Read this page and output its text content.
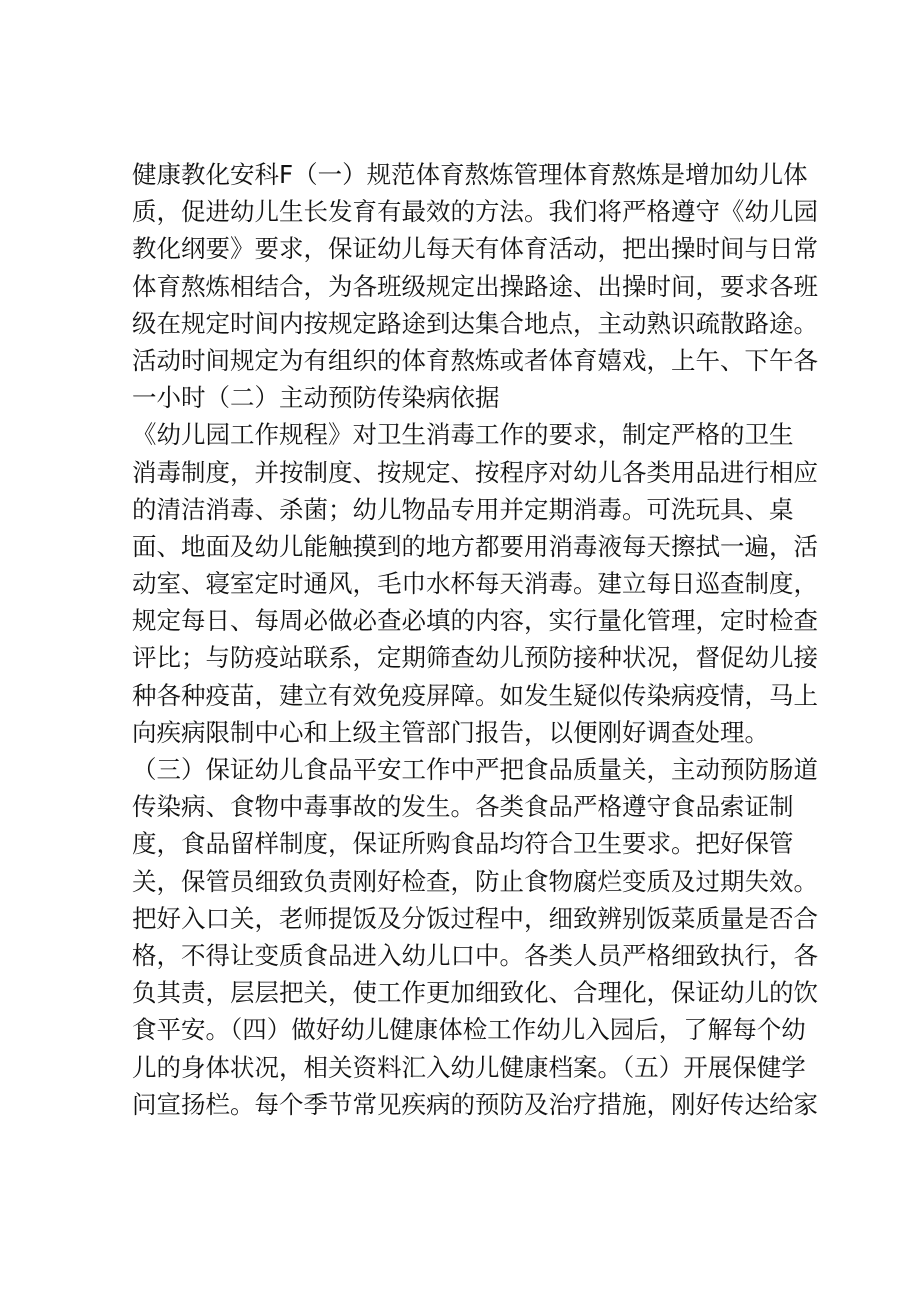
健康教化安科F（一）规范体育熬炼管理体育熬炼是增加幼儿体
质，促进幼儿生长发育有最效的方法。我们将严格遵守《幼儿园
教化纲要》要求，保证幼儿每天有体育活动，把出操时间与日常
体育熬炼相结合，为各班级规定出操路途、出操时间，要求各班
级在规定时间内按规定路途到达集合地点，主动熟识疏散路途。
活动时间规定为有组织的体育熬炼或者体育嬉戏，上午、下午各
一小时（二）主动预防传染病依据
《幼儿园工作规程》对卫生消毒工作的要求，制定严格的卫生
消毒制度，并按制度、按规定、按程序对幼儿各类用品进行相应
的清洁消毒、杀菌；幼儿物品专用并定期消毒。可洗玩具、桌
面、地面及幼儿能触摸到的地方都要用消毒液每天擦拭一遍，活
动室、寝室定时通风，毛巾水杯每天消毒。建立每日巡查制度，
规定每日、每周必做必查必填的内容，实行量化管理，定时检查
评比；与防疫站联系，定期筛查幼儿预防接种状况，督促幼儿接
种各种疫苗，建立有效免疫屏障。如发生疑似传染病疫情，马上
向疾病限制中心和上级主管部门报告，以便刚好调查处理。
（三）保证幼儿食品平安工作中严把食品质量关，主动预防肠道
传染病、食物中毒事故的发生。各类食品严格遵守食品索证制
度，食品留样制度，保证所购食品均符合卫生要求。把好保管
关，保管员细致负责刚好检查，防止食物腐烂变质及过期失效。
把好入口关，老师提饭及分饭过程中，细致辨别饭菜质量是否合
格，不得让变质食品进入幼儿口中。各类人员严格细致执行，各
负其责，层层把关，使工作更加细致化、合理化，保证幼儿的饮
食平安。（四）做好幼儿健康体检工作幼儿入园后，了解每个幼
儿的身体状况，相关资料汇入幼儿健康档案。（五）开展保健学
问宣扬栏。每个季节常见疾病的预防及治疗措施，刚好传达给家
